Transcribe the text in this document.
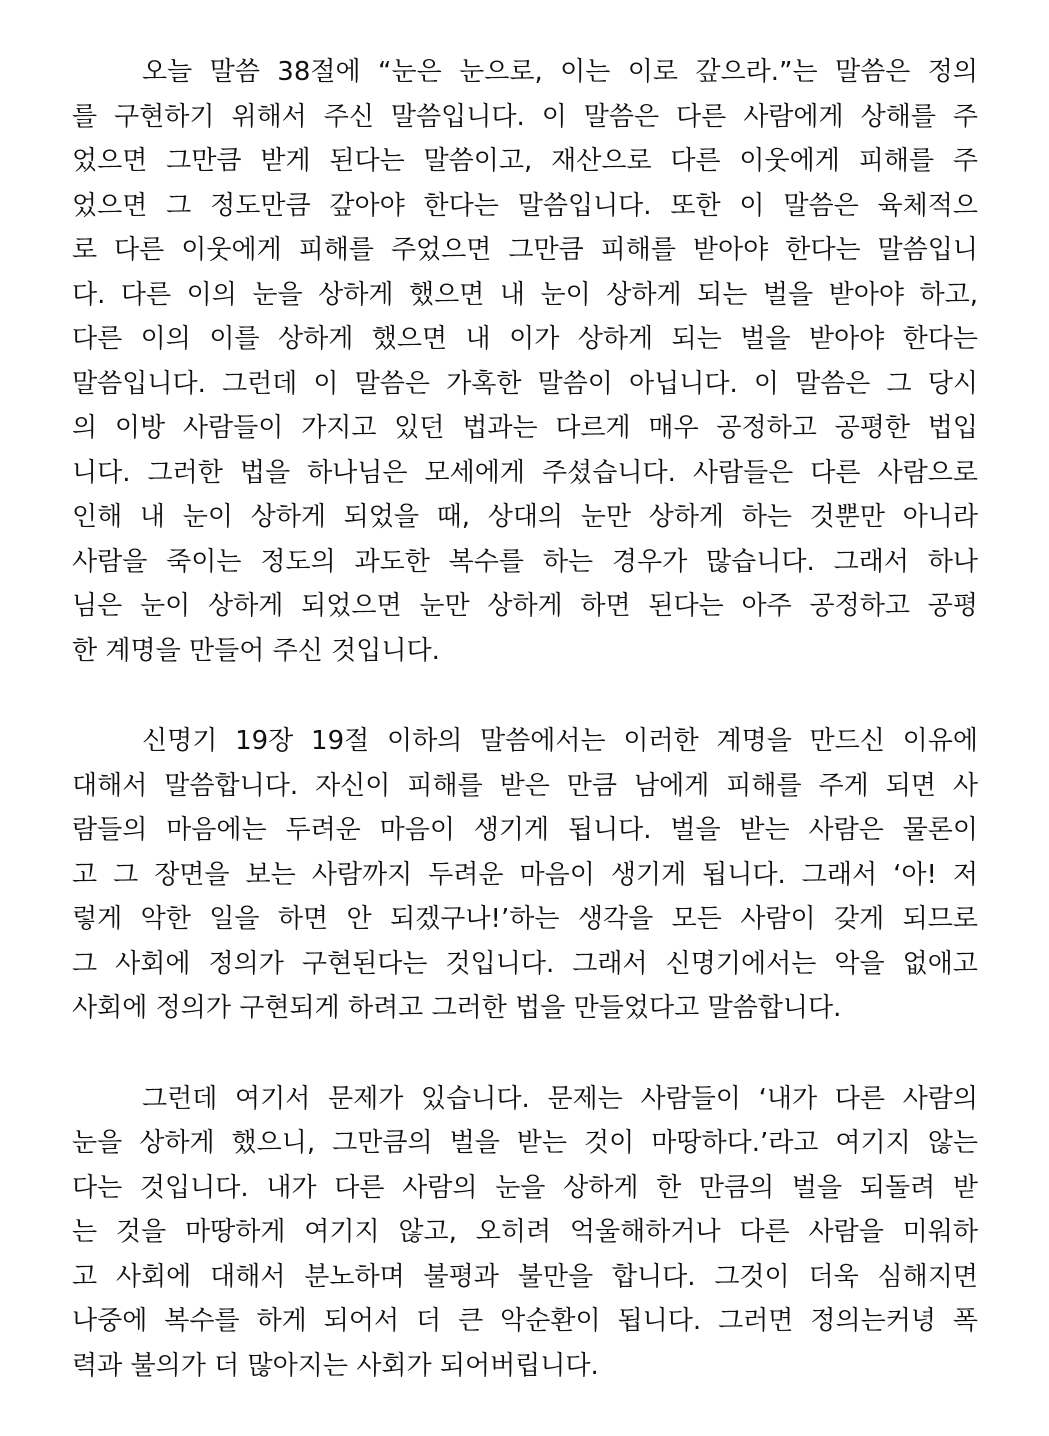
오늘 말씀 38절에 “눈은 눈으로, 이는 이로 갚으라.”는 말씀은 정의
를 구현하기 위해서 주신 말씀입니다. 이 말씀은 다른 사람에게 상해를 주
었으면 그만큼 받게 된다는 말씀이고, 재산으로 다른 이웃에게 피해를 주
었으면 그 정도만큼 갚아야 한다는 말씀입니다. 또한 이 말씀은 육체적으
로 다른 이웃에게 피해를 주었으면 그만큼 피해를 받아야 한다는 말씀입니
다. 다른 이의 눈을 상하게 했으면 내 눈이 상하게 되는 벌을 받아야 하고,
다른 이의 이를 상하게 했으면 내 이가 상하게 되는 벌을 받아야 한다는
말씀입니다. 그런데 이 말씀은 가혹한 말씀이 아닙니다. 이 말씀은 그 당시
의 이방 사람들이 가지고 있던 법과는 다르게 매우 공정하고 공평한 법입
니다. 그러한 법을 하나님은 모세에게 주셨습니다. 사람들은 다른 사람으로
인해 내 눈이 상하게 되었을 때, 상대의 눈만 상하게 하는 것뿐만 아니라
사람을 죽이는 정도의 과도한 복수를 하는 경우가 많습니다. 그래서 하나
님은 눈이 상하게 되었으면 눈만 상하게 하면 된다는 아주 공정하고 공평
한 계명을 만들어 주신 것입니다.
신명기 19장 19절 이하의 말씀에서는 이러한 계명을 만드신 이유에
대해서 말씀합니다. 자신이 피해를 받은 만큼 남에게 피해를 주게 되면 사
람들의 마음에는 두려운 마음이 생기게 됩니다. 벌을 받는 사람은 물론이
고 그 장면을 보는 사람까지 두려운 마음이 생기게 됩니다. 그래서 ‘아! 저
렇게 악한 일을 하면 안 되겠구나!’하는 생각을 모든 사람이 갖게 되므로
그 사회에 정의가 구현된다는 것입니다. 그래서 신명기에서는 악을 없애고
사회에 정의가 구현되게 하려고 그러한 법을 만들었다고 말씀합니다.
그런데 여기서 문제가 있습니다. 문제는 사람들이 ‘내가 다른 사람의
눈을 상하게 했으니, 그만큼의 벌을 받는 것이 마땅하다.’라고 여기지 않는
다는 것입니다. 내가 다른 사람의 눈을 상하게 한 만큼의 벌을 되돌려 받
는 것을 마땅하게 여기지 않고, 오히려 억울해하거나 다른 사람을 미워하
고 사회에 대해서 분노하며 불평과 불만을 합니다. 그것이 더욱 심해지면
나중에 복수를 하게 되어서 더 큰 악순환이 됩니다. 그러면 정의는커녕 폭
력과 불의가 더 많아지는 사회가 되어버립니다.
